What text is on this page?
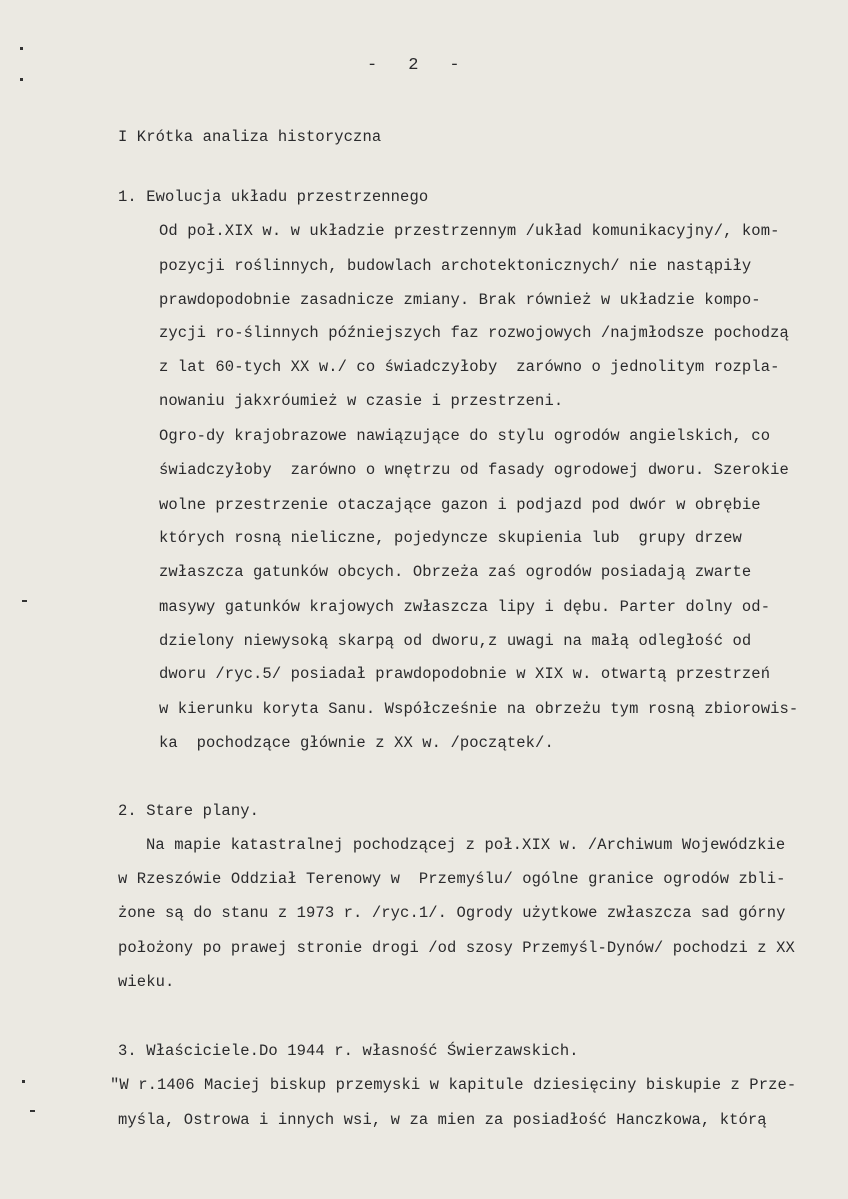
-   2   -
I Krótka analiza historyczna
1. Ewolucja układu przestrzennego
Od poł.XIX w. w układzie przestrzennym /układ komunikacyjny/, kom-
pozycji roślinnych, budowlach archotektonicznych/ nie nastąpiły
prawdopodobnie zasadnicze zmiany. Brak również w układzie kompo-
zycji ro-ślinnych późniejszych faz rozwojowych /najmłodsze pochodzą
z lat 60-tych XX w./ co świadczyłoby  zarówno o jednolitym rozpla-
nowaniu jakxróumież w czasie i przestrzeni.
Ogro-dy krajobrazowe nawiązujące do stylu ogrodów angielskich, co
świadczyłoby  zarówno o wnętrzu od fasady ogrodowej dworu. Szerokie
wolne przestrzenie otaczające gazon i podjazd pod dwór w obrębie
których rosną nieliczne, pojedyncze skupienia lub  grupy drzew
zwłaszcza gatunków obcych. Obrzeża zaś ogrodów posiadają zwarte
masywy gatunków krajowych zwłaszcza lipy i dębu. Parter dolny od-
dzielony niewysoką skarpą od dworu,z uwagi na małą odległość od
dworu /ryc.5/ posiadał prawdopodobnie w XIX w. otwartą przestrzeń
w kierunku koryta Sanu. Współcześnie na obrzeżu tym rosną zbiorowis-
ka  pochodzące głównie z XX w. /początek/.
2. Stare plany.
Na mapie katastralnej pochodzącej z poł.XIX w. /Archiwum Wojewódzkie
w Rzeszówie Oddział Terenowy w  Przemyślu/ ogólne granice ogrodów zbli-
żone są do stanu z 1973 r. /ryc.1/. Ogrody użytkowe zwłaszcza sad górny
położony po prawej stronie drogi /od szosy Przemyśl-Dynów/ pochodzi z XX
wieku.
3. Właściciele.Do 1944 r. własność Świerzawskich.
"W r.1406 Maciej biskup przemyski w kapitule dziesięciny biskupie z Prze-
myśla, Ostrowa i innych wsi, w za mien za posiadłość Hanczkowa, którą
